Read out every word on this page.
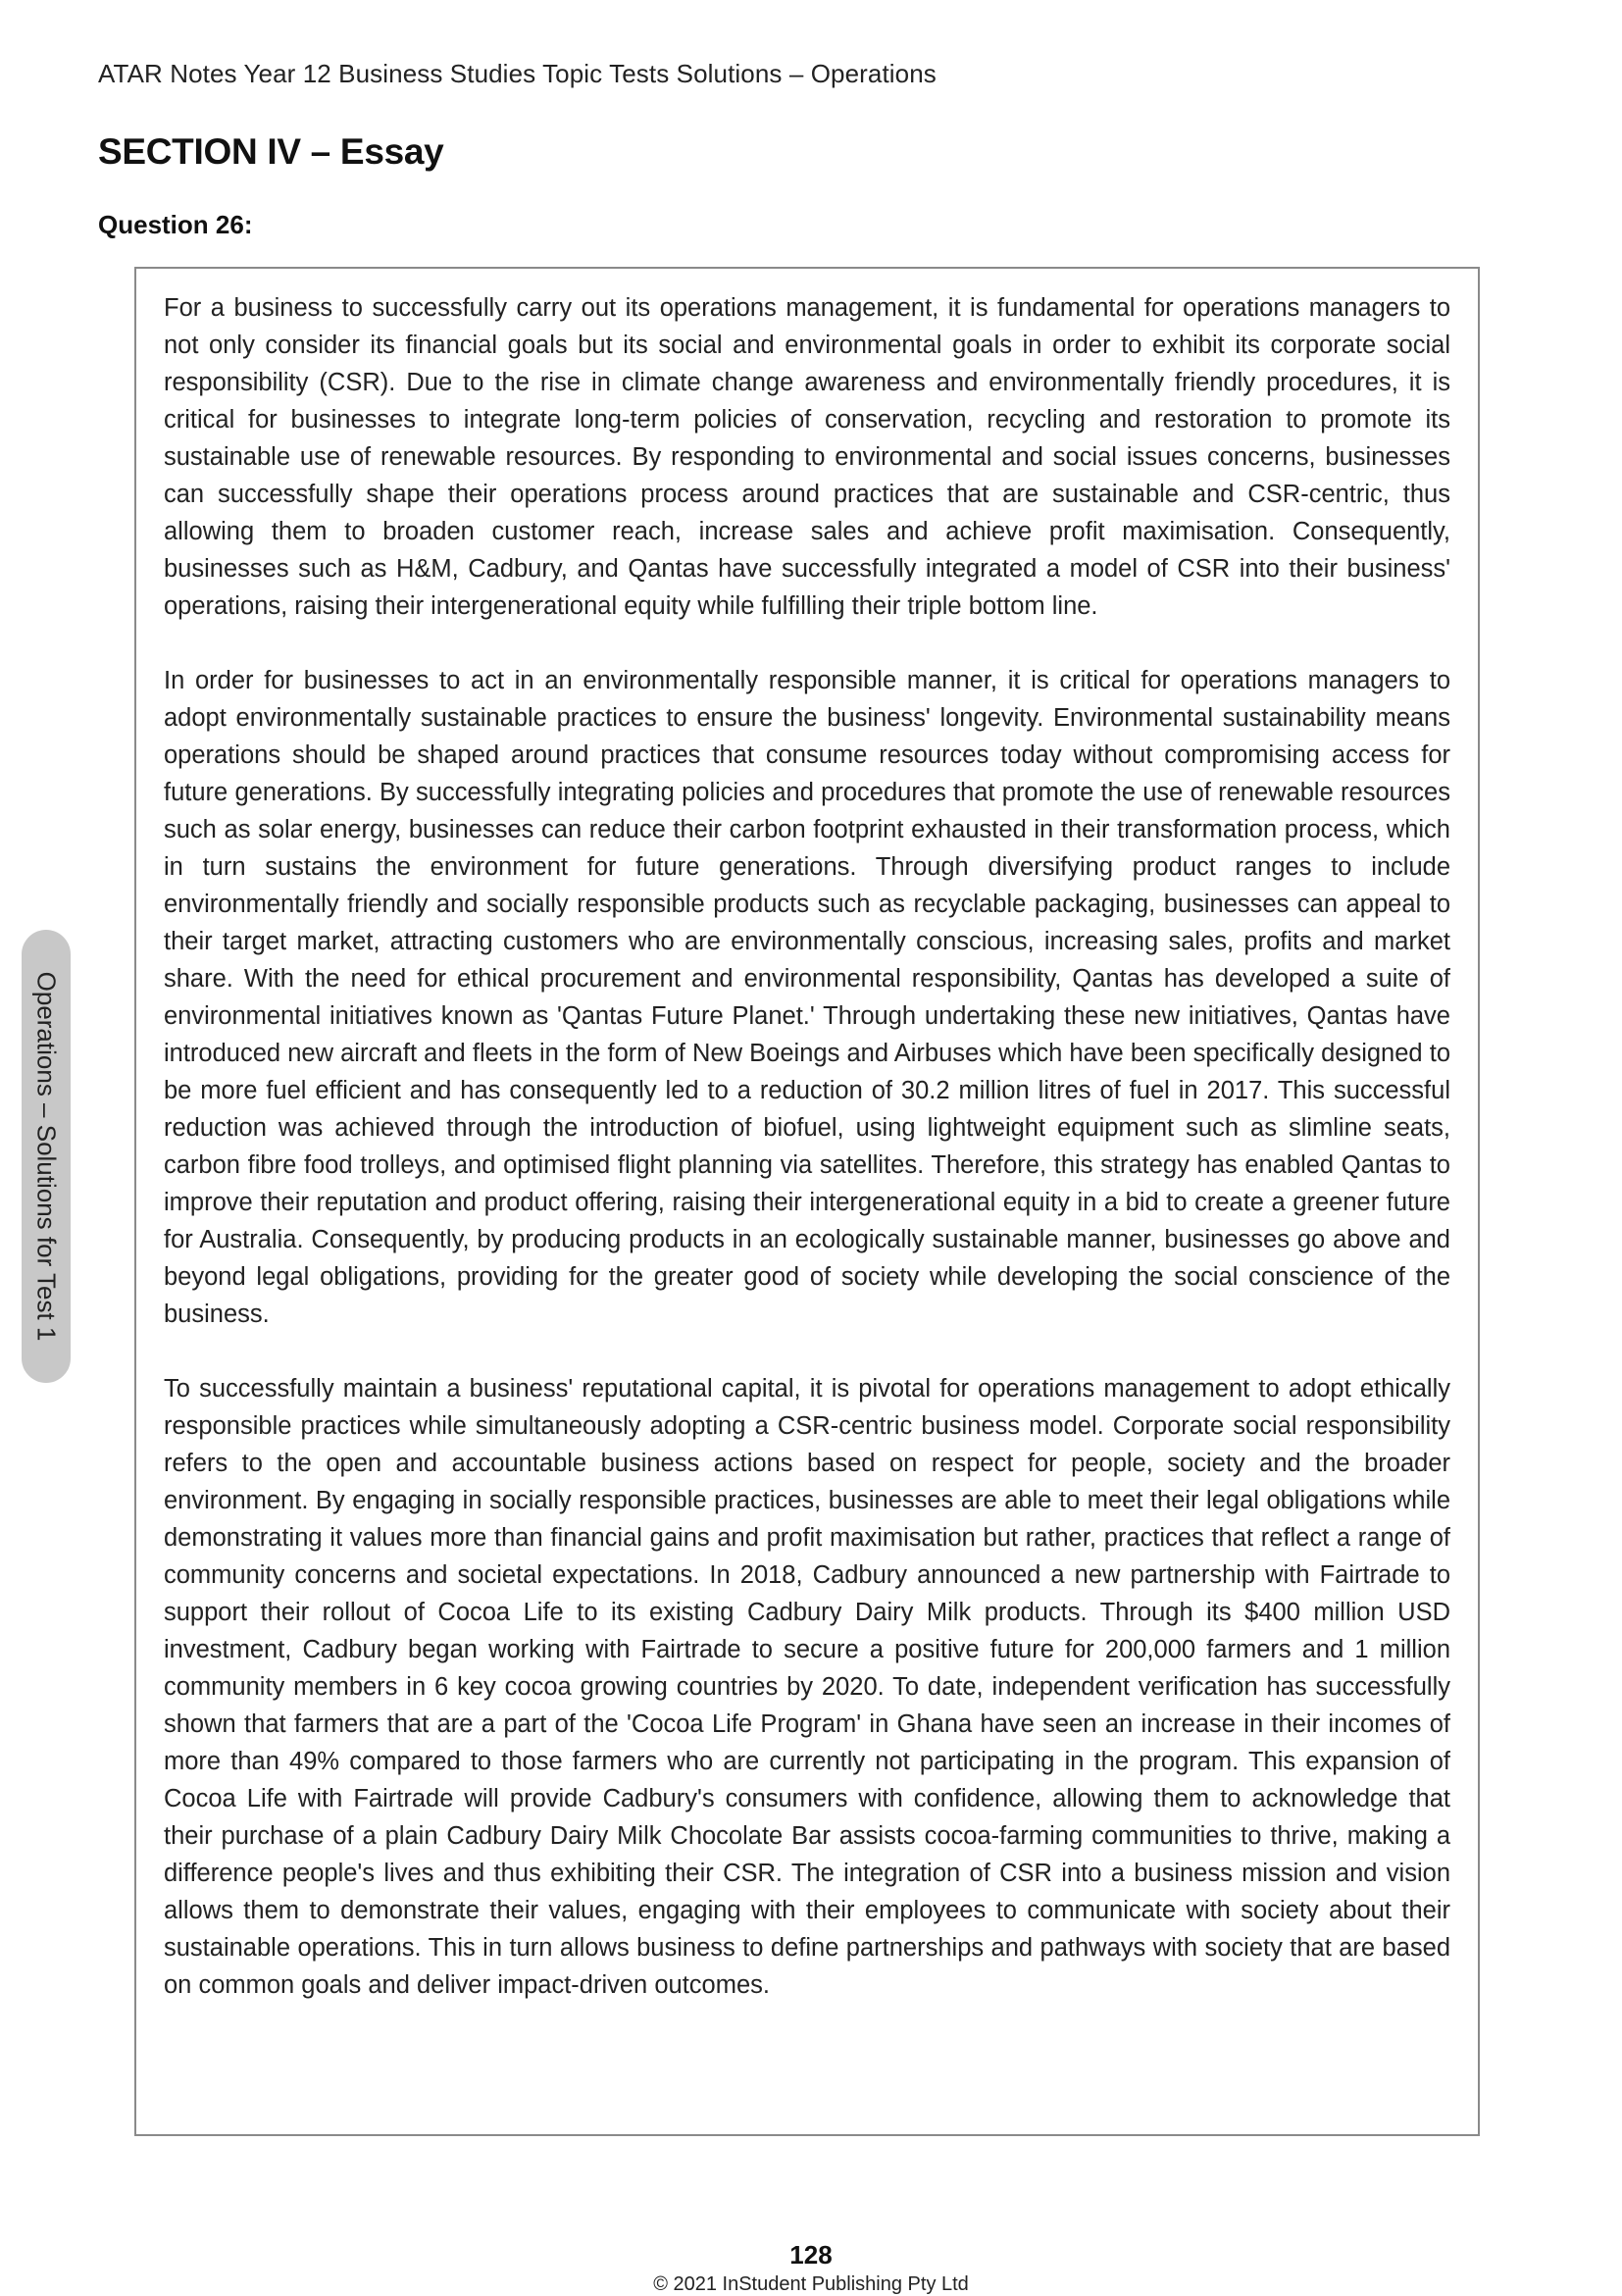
ATAR Notes Year 12 Business Studies Topic Tests Solutions – Operations
SECTION IV – Essay
Question 26:

For a business to successfully carry out its operations management, it is fundamental for operations managers to not only consider its financial goals but its social and environmental goals in order to exhibit its corporate social responsibility (CSR). Due to the rise in climate change awareness and environmentally friendly procedures, it is critical for businesses to integrate long-term policies of conservation, recycling and restoration to promote its sustainable use of renewable resources. By responding to environmental and social issues concerns, businesses can successfully shape their operations process around practices that are sustainable and CSR-centric, thus allowing them to broaden customer reach, increase sales and achieve profit maximisation. Consequently, businesses such as H&M, Cadbury, and Qantas have successfully integrated a model of CSR into their business' operations, raising their intergenerational equity while fulfilling their triple bottom line.

In order for businesses to act in an environmentally responsible manner, it is critical for operations managers to adopt environmentally sustainable practices to ensure the business' longevity. Environmental sustainability means operations should be shaped around practices that consume resources today without compromising access for future generations. By successfully integrating policies and procedures that promote the use of renewable resources such as solar energy, businesses can reduce their carbon footprint exhausted in their transformation process, which in turn sustains the environment for future generations. Through diversifying product ranges to include environmentally friendly and socially responsible products such as recyclable packaging, businesses can appeal to their target market, attracting customers who are environmentally conscious, increasing sales, profits and market share. With the need for ethical procurement and environmental responsibility, Qantas has developed a suite of environmental initiatives known as 'Qantas Future Planet.' Through undertaking these new initiatives, Qantas have introduced new aircraft and fleets in the form of New Boeings and Airbuses which have been specifically designed to be more fuel efficient and has consequently led to a reduction of 30.2 million litres of fuel in 2017. This successful reduction was achieved through the introduction of biofuel, using lightweight equipment such as slimline seats, carbon fibre food trolleys, and optimised flight planning via satellites. Therefore, this strategy has enabled Qantas to improve their reputation and product offering, raising their intergenerational equity in a bid to create a greener future for Australia. Consequently, by producing products in an ecologically sustainable manner, businesses go above and beyond legal obligations, providing for the greater good of society while developing the social conscience of the business.

To successfully maintain a business' reputational capital, it is pivotal for operations management to adopt ethically responsible practices while simultaneously adopting a CSR-centric business model. Corporate social responsibility refers to the open and accountable business actions based on respect for people, society and the broader environment. By engaging in socially responsible practices, businesses are able to meet their legal obligations while demonstrating it values more than financial gains and profit maximisation but rather, practices that reflect a range of community concerns and societal expectations. In 2018, Cadbury announced a new partnership with Fairtrade to support their rollout of Cocoa Life to its existing Cadbury Dairy Milk products. Through its $400 million USD investment, Cadbury began working with Fairtrade to secure a positive future for 200,000 farmers and 1 million community members in 6 key cocoa growing countries by 2020. To date, independent verification has successfully shown that farmers that are a part of the 'Cocoa Life Program' in Ghana have seen an increase in their incomes of more than 49% compared to those farmers who are currently not participating in the program. This expansion of Cocoa Life with Fairtrade will provide Cadbury's consumers with confidence, allowing them to acknowledge that their purchase of a plain Cadbury Dairy Milk Chocolate Bar assists cocoa-farming communities to thrive, making a difference people's lives and thus exhibiting their CSR. The integration of CSR into a business mission and vision allows them to demonstrate their values, engaging with their employees to communicate with society about their sustainable operations. This in turn allows business to define partnerships and pathways with society that are based on common goals and deliver impact-driven outcomes.

Operations – Solutions for Test 1
128
© 2021 InStudent Publishing Pty Ltd
